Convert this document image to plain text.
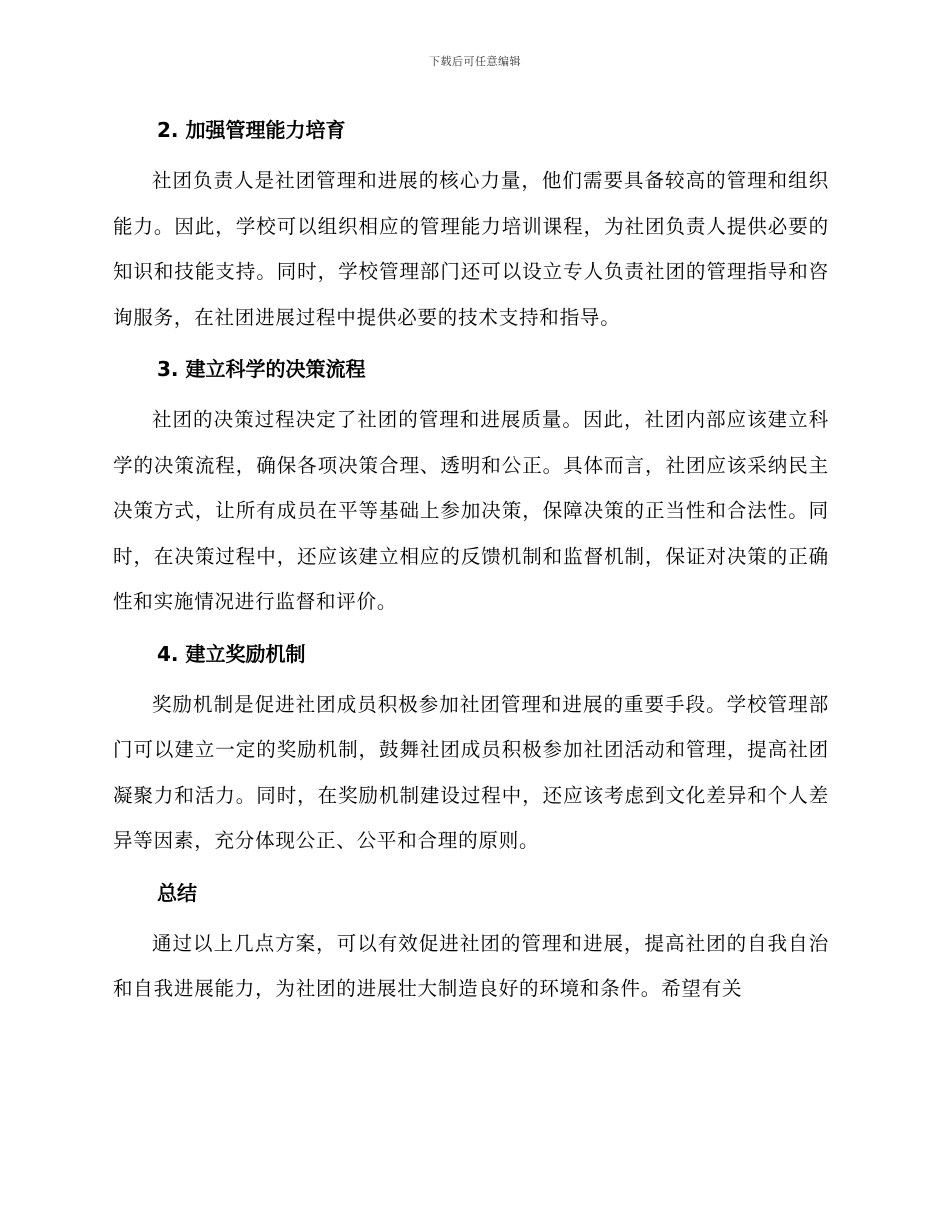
下载后可任意编辑
2. 加强管理能力培育

社团负责人是社团管理和进展的核心力量，他们需要具备较高的管理和组织能力。因此，学校可以组织相应的管理能力培训课程，为社团负责人提供必要的知识和技能支持。同时，学校管理部门还可以设立专人负责社团的管理指导和咨询服务，在社团进展过程中提供必要的技术支持和指导。

3. 建立科学的决策流程

社团的决策过程决定了社团的管理和进展质量。因此，社团内部应该建立科学的决策流程，确保各项决策合理、透明和公正。具体而言，社团应该采纳民主决策方式，让所有成员在平等基础上参加决策，保障决策的正当性和合法性。同时，在决策过程中，还应该建立相应的反馈机制和监督机制，保证对决策的正确性和实施情况进行监督和评价。

4. 建立奖励机制

奖励机制是促进社团成员积极参加社团管理和进展的重要手段。学校管理部门可以建立一定的奖励机制，鼓舞社团成员积极参加社团活动和管理，提高社团凝聚力和活力。同时，在奖励机制建设过程中，还应该考虑到文化差异和个人差异等因素，充分体现公正、公平和合理的原则。

总结

通过以上几点方案，可以有效促进社团的管理和进展，提高社团的自我自治和自我进展能力，为社团的进展壮大制造良好的环境和条件。希望有关
